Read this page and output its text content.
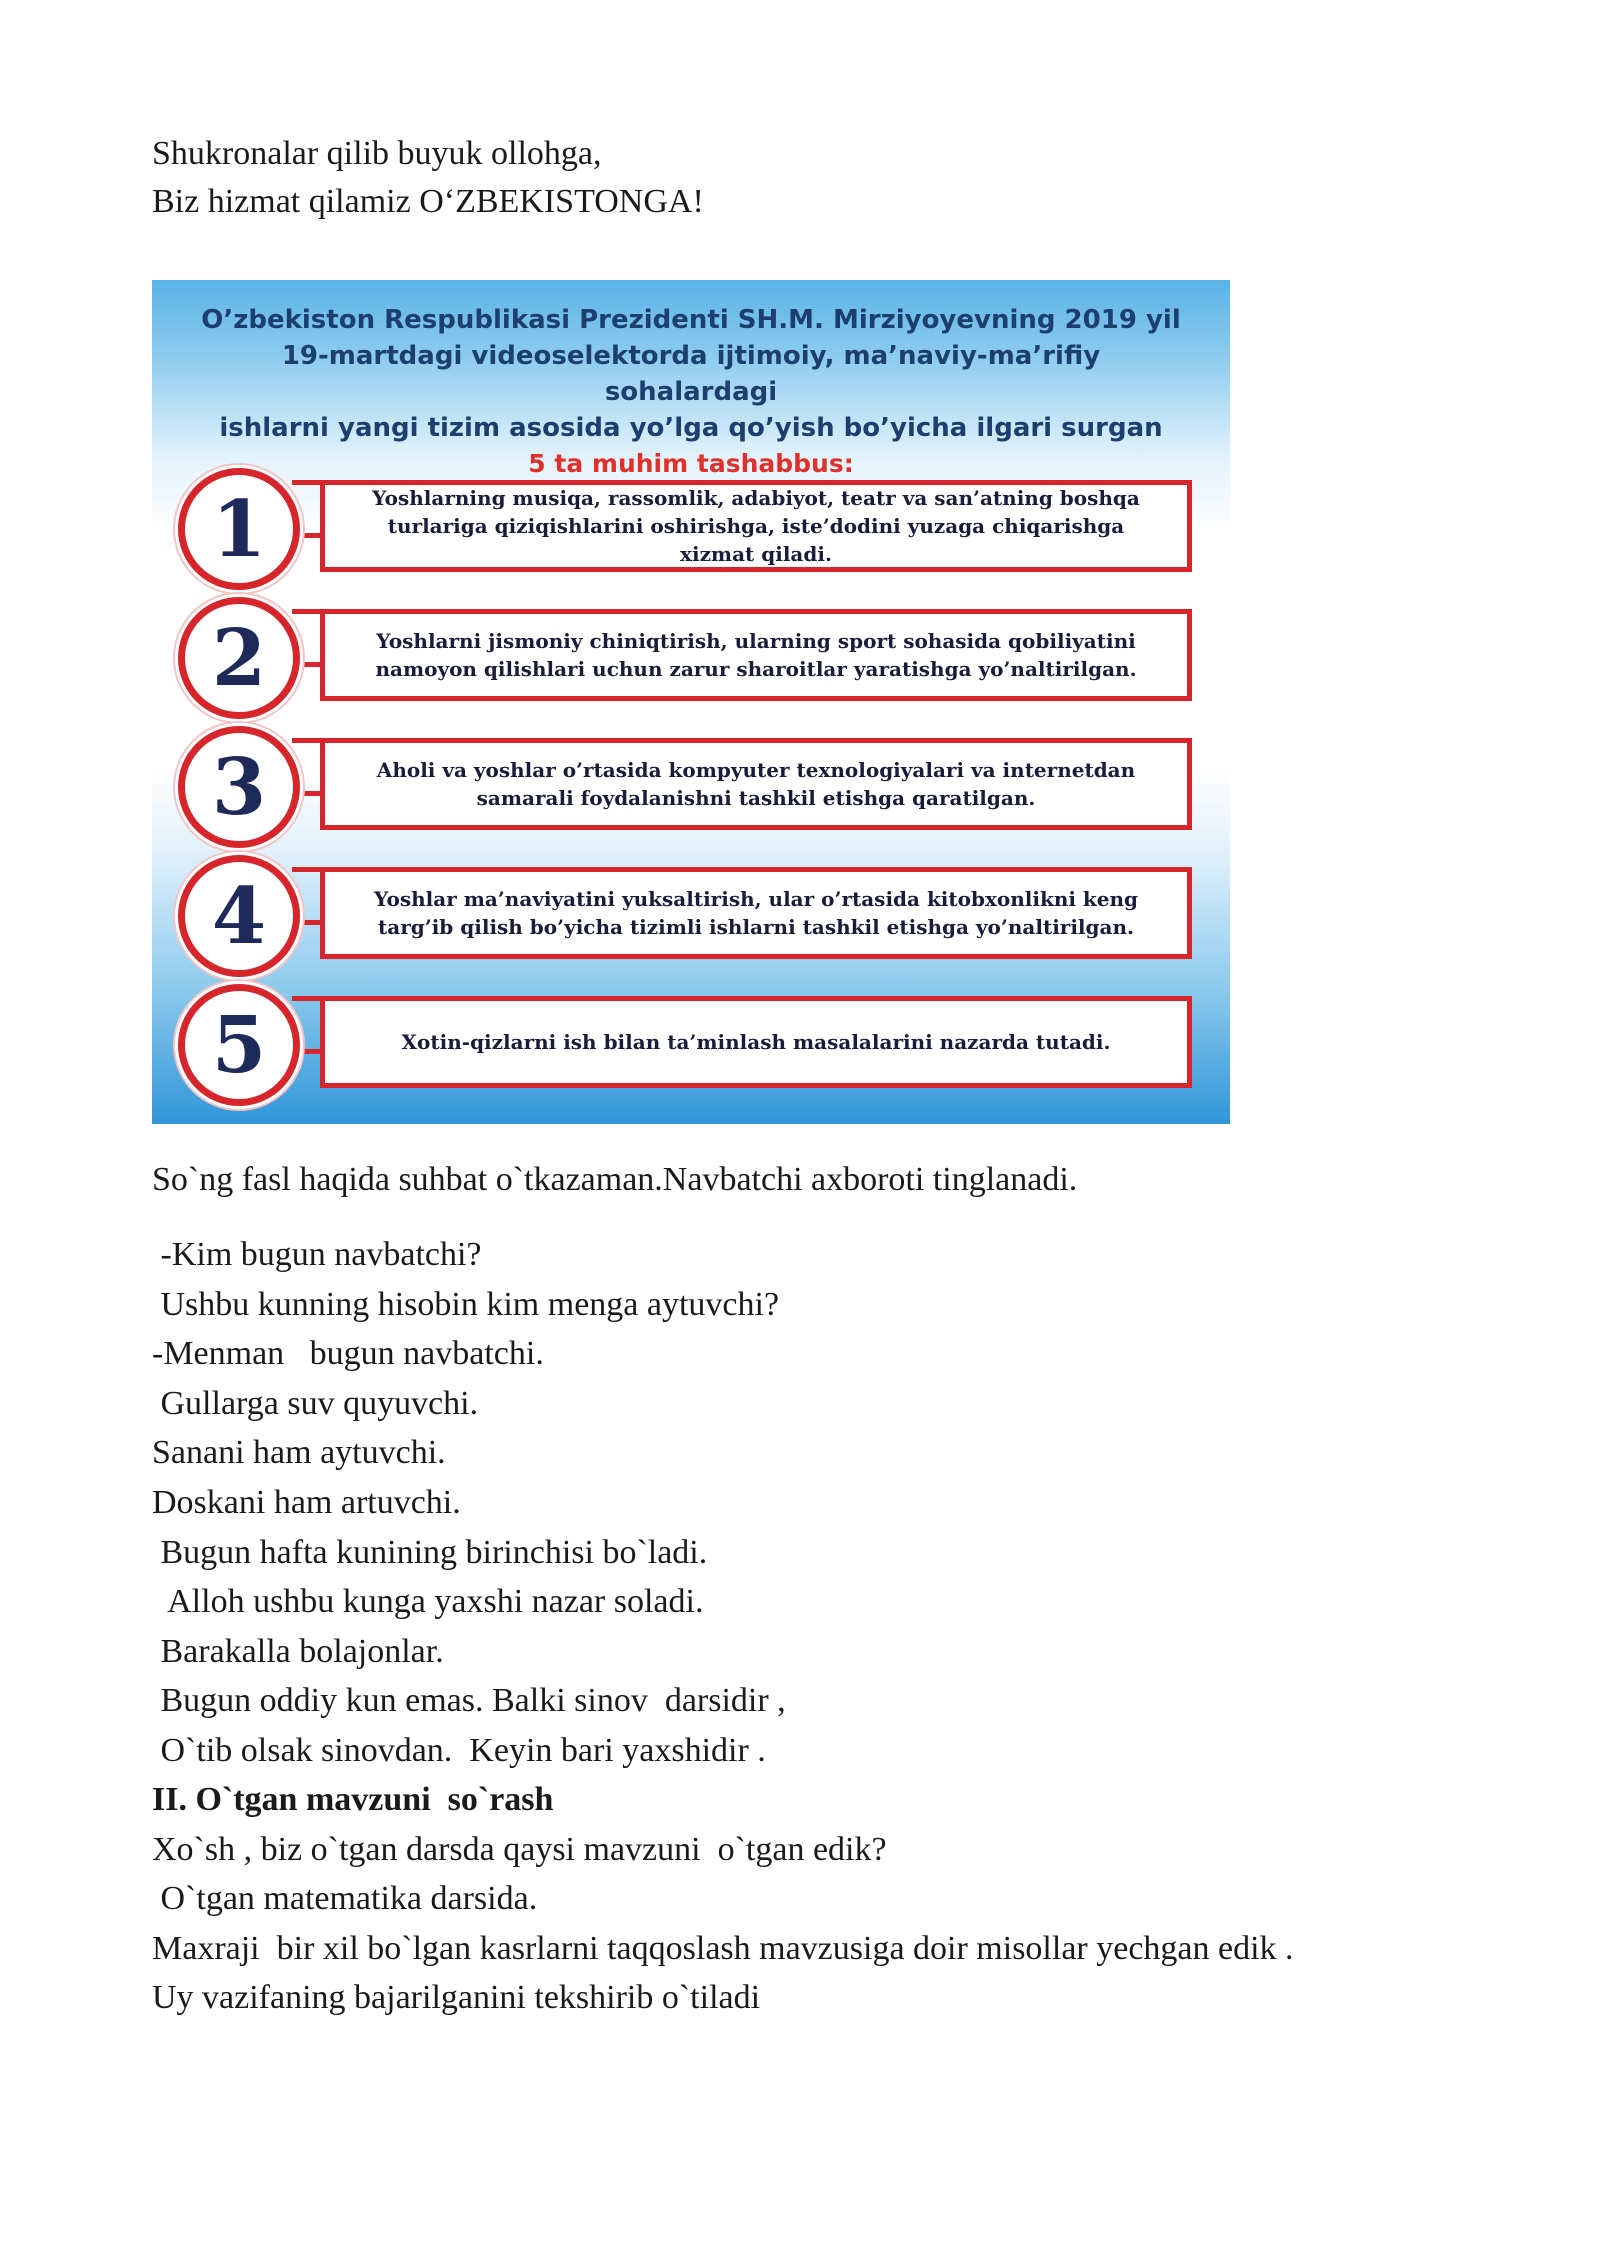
Shukronalar qilib buyuk ollohga,
Biz hizmat qilamiz O‘ZBEKISTONGA!
O’zbekiston Respublikasi Prezidenti SH.M. Mirziyoyevning 2019 yil
19-martdagi videoselektorda ijtimoiy, ma’naviy-ma’rifiy sohalardagi
ishlarni yangi tizim asosida yo’lga qo’yish bo’yicha ilgari surgan
5 ta muhim tashabbus:
Yoshlarning musiqa, rassomlik, adabiyot, teatr va san’atning boshqa turlariga qiziqishlarini oshirishga, iste’dodini yuzaga chiqarishga xizmat qiladi.
1
Yoshlarni jismoniy chiniqtirish, ularning sport sohasida qobiliyatini namoyon qilishlari uchun zarur sharoitlar yaratishga yo’naltirilgan.
2
Aholi va yoshlar o’rtasida kompyuter texnologiyalari va internetdan samarali foydalanishni tashkil etishga qaratilgan.
3
Yoshlar ma’naviyatini yuksaltirish, ular o’rtasida kitobxonlikni keng targ’ib qilish bo’yicha tizimli ishlarni tashkil etishga yo’naltirilgan.
4
Xotin-qizlarni ish bilan ta’minlash masalalarini nazarda tutadi.
5
So`ng fasl haqida suhbat o`tkazaman.Navbatchi axboroti tinglanadi.
-Kim bugun navbatchi?
Ushbu kunning hisobin kim menga aytuvchi?
-Menman   bugun navbatchi.
Gullarga suv quyuvchi.
Sanani ham aytuvchi.
Doskani ham artuvchi.
Bugun hafta kunining birinchisi bo`ladi.
Alloh ushbu kunga yaxshi nazar soladi.
Barakalla bolajonlar.
Bugun oddiy kun emas. Balki sinov  darsidir ,
O`tib olsak sinovdan.  Keyin bari yaxshidir .
II. O`tgan mavzuni  so`rash
Xo`sh , biz o`tgan darsda qaysi mavzuni  o`tgan edik?
O`tgan matematika darsida.
Maxraji  bir xil bo`lgan kasrlarni taqqoslash mavzusiga doir misollar yechgan edik .
Uy vazifaning bajarilganini tekshirib o`tiladi
